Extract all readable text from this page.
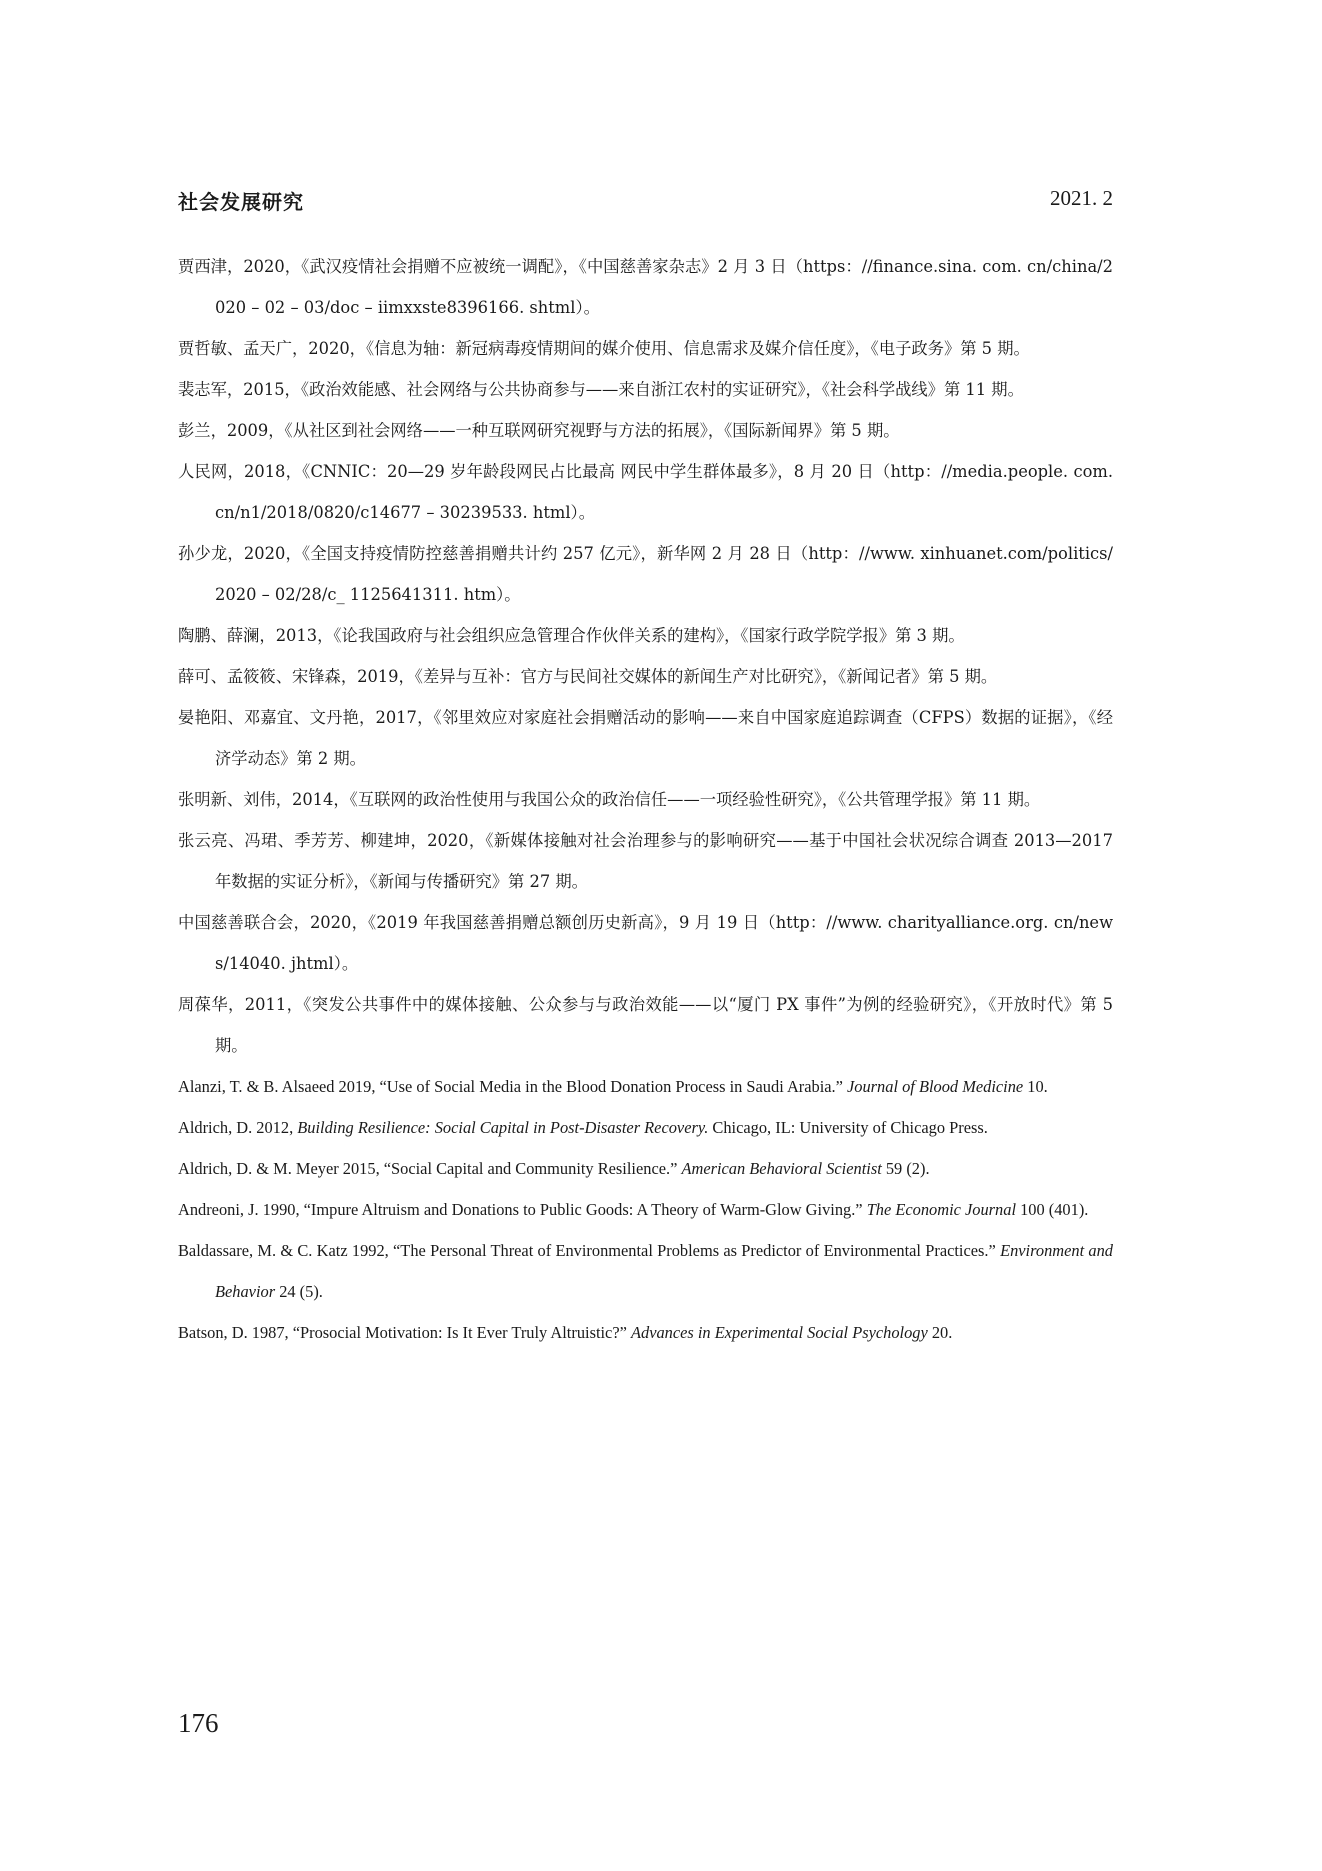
社会发展研究	2021. 2
贾西津，2020，《武汉疫情社会捐赠不应被统一调配》，《中国慈善家杂志》2 月 3 日（https：//finance.sina. com. cn/china/2020 – 02 – 03/doc – iimxxste8396166. shtml）。
贾哲敏、孟天广，2020，《信息为轴：新冠病毒疫情期间的媒介使用、信息需求及媒介信任度》，《电子政务》第 5 期。
裴志军，2015，《政治效能感、社会网络与公共协商参与——来自浙江农村的实证研究》，《社会科学战线》第 11 期。
彭兰，2009，《从社区到社会网络——一种互联网研究视野与方法的拓展》，《国际新闻界》第 5 期。
人民网，2018，《CNNIC：20—29 岁年龄段网民占比最高 网民中学生群体最多》，8 月 20 日（http：//media.people. com. cn/n1/2018/0820/c14677 – 30239533. html）。
孙少龙，2020，《全国支持疫情防控慈善捐赠共计约 257 亿元》，新华网 2 月 28 日（http：//www. xinhuanet.com/politics/2020 – 02/28/c_ 1125641311. htm）。
陶鹏、薛澜，2013，《论我国政府与社会组织应急管理合作伙伴关系的建构》，《国家行政学院学报》第 3 期。
薛可、孟筱筱、宋锋森，2019，《差异与互补：官方与民间社交媒体的新闻生产对比研究》，《新闻记者》第 5 期。
晏艳阳、邓嘉宜、文丹艳，2017，《邻里效应对家庭社会捐赠活动的影响——来自中国家庭追踪调查（CFPS）数据的证据》，《经济学动态》第 2 期。
张明新、刘伟，2014，《互联网的政治性使用与我国公众的政治信任——一项经验性研究》，《公共管理学报》第 11 期。
张云亮、冯珺、季芳芳、柳建坤，2020，《新媒体接触对社会治理参与的影响研究——基于中国社会状况综合调查 2013—2017 年数据的实证分析》，《新闻与传播研究》第 27 期。
中国慈善联合会，2020，《2019 年我国慈善捐赠总额创历史新高》，9 月 19 日（http：//www. charityalliance.org. cn/news/14040. jhtml）。
周葆华，2011，《突发公共事件中的媒体接触、公众参与与政治效能——以“厦门 PX 事件”为例的经验研究》，《开放时代》第 5 期。
Alanzi, T. & B. Alsaeed 2019, “Use of Social Media in the Blood Donation Process in Saudi Arabia.” Journal of Blood Medicine 10.
Aldrich, D. 2012, Building Resilience: Social Capital in Post-Disaster Recovery. Chicago, IL: University of Chicago Press.
Aldrich, D. & M. Meyer 2015, “Social Capital and Community Resilience.” American Behavioral Scientist 59 (2).
Andreoni, J. 1990, “Impure Altruism and Donations to Public Goods: A Theory of Warm-Glow Giving.” The Economic Journal 100 (401).
Baldassare, M. & C. Katz 1992, “The Personal Threat of Environmental Problems as Predictor of Environmental Practices.” Environment and Behavior 24 (5).
Batson, D. 1987, “Prosocial Motivation: Is It Ever Truly Altruistic?” Advances in Experimental Social Psychology 20.
176
